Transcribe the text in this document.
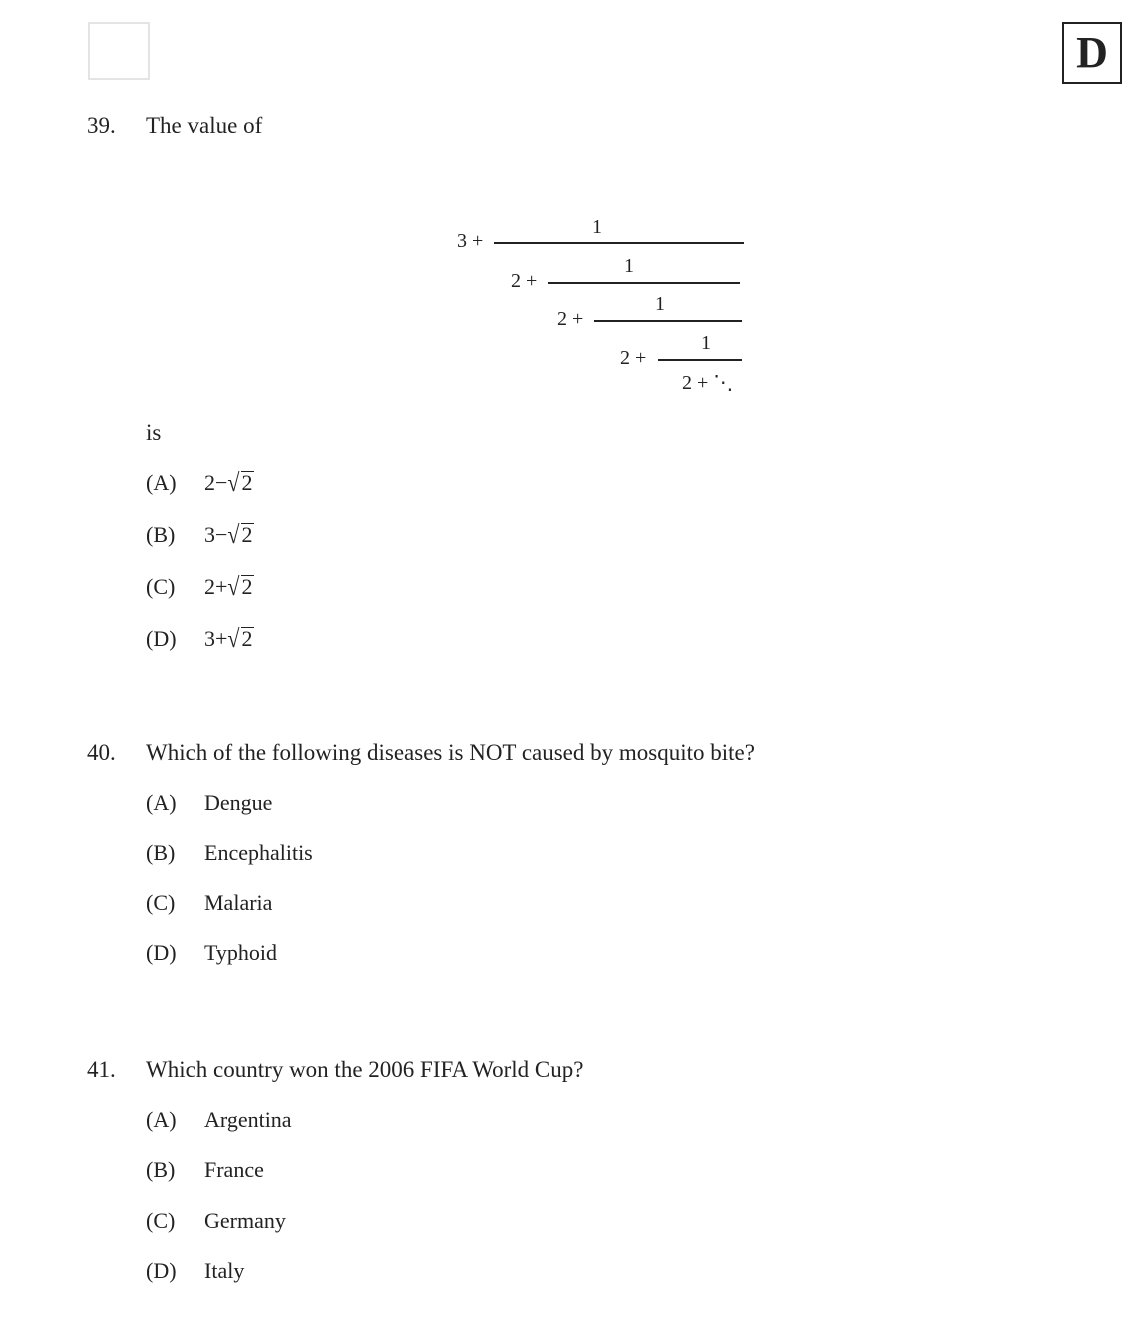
D
39. The value of
3 +
1
2 +
1
2 +
1
2 +
1
2 + ⋱
is
(A) 2−√2
(B) 3−√2
(C) 2+√2
(D) 3+√2
40. Which of the following diseases is NOT caused by mosquito bite?
(A) Dengue
(B) Encephalitis
(C) Malaria
(D) Typhoid
41. Which country won the 2006 FIFA World Cup?
(A) Argentina
(B) France
(C) Germany
(D) Italy
